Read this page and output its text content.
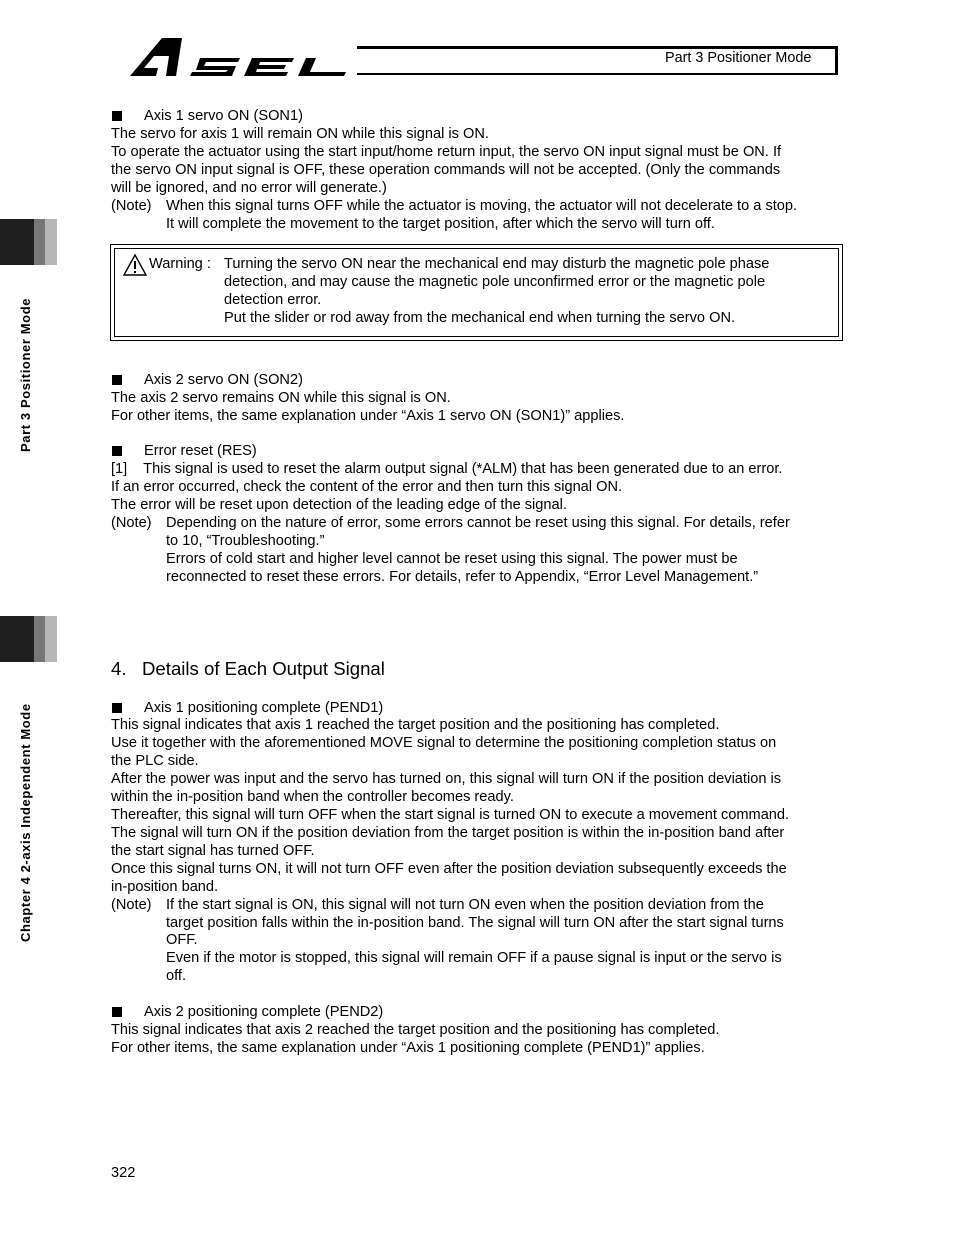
Part 3 Positioner Mode
Part 3 Positioner Mode
Chapter 4 2-axis Independent Mode
Axis 1 servo ON (SON1)
The servo for axis 1 will remain ON while this signal is ON.
To operate the actuator using the start input/home return input, the servo ON input signal must be ON. If
the servo ON input signal is OFF, these operation commands will not be accepted. (Only the commands
will be ignored, and no error will generate.)
(Note) When this signal turns OFF while the actuator is moving, the actuator will not decelerate to a stop.
It will complete the movement to the target position, after which the servo will turn off.
Warning : Turning the servo ON near the mechanical end may disturb the magnetic pole phase
detection, and may cause the magnetic pole unconfirmed error or the magnetic pole
detection error.
Put the slider or rod away from the mechanical end when turning the servo ON.
Axis 2 servo ON (SON2)
The axis 2 servo remains ON while this signal is ON.
For other items, the same explanation under “Axis 1 servo ON (SON1)” applies.
Error reset (RES)
[1]    This signal is used to reset the alarm output signal (*ALM) that has been generated due to an error.
If an error occurred, check the content of the error and then turn this signal ON.
The error will be reset upon detection of the leading edge of the signal.
(Note) Depending on the nature of error, some errors cannot be reset using this signal. For details, refer
to 10, “Troubleshooting.”
Errors of cold start and higher level cannot be reset using this signal. The power must be
reconnected to reset these errors. For details, refer to Appendix, “Error Level Management.”
4.   Details of Each Output Signal
Axis 1 positioning complete (PEND1)
This signal indicates that axis 1 reached the target position and the positioning has completed.
Use it together with the aforementioned MOVE signal to determine the positioning completion status on
the PLC side.
After the power was input and the servo has turned on, this signal will turn ON if the position deviation is
within the in-position band when the controller becomes ready.
Thereafter, this signal will turn OFF when the start signal is turned ON to execute a movement command.
The signal will turn ON if the position deviation from the target position is within the in-position band after
the start signal has turned OFF.
Once this signal turns ON, it will not turn OFF even after the position deviation subsequently exceeds the
in-position band.
(Note) If the start signal is ON, this signal will not turn ON even when the position deviation from the
target position falls within the in-position band. The signal will turn ON after the start signal turns
OFF.
Even if the motor is stopped, this signal will remain OFF if a pause signal is input or the servo is
off.
Axis 2 positioning complete (PEND2)
This signal indicates that axis 2 reached the target position and the positioning has completed.
For other items, the same explanation under “Axis 1 positioning complete (PEND1)” applies.
322
